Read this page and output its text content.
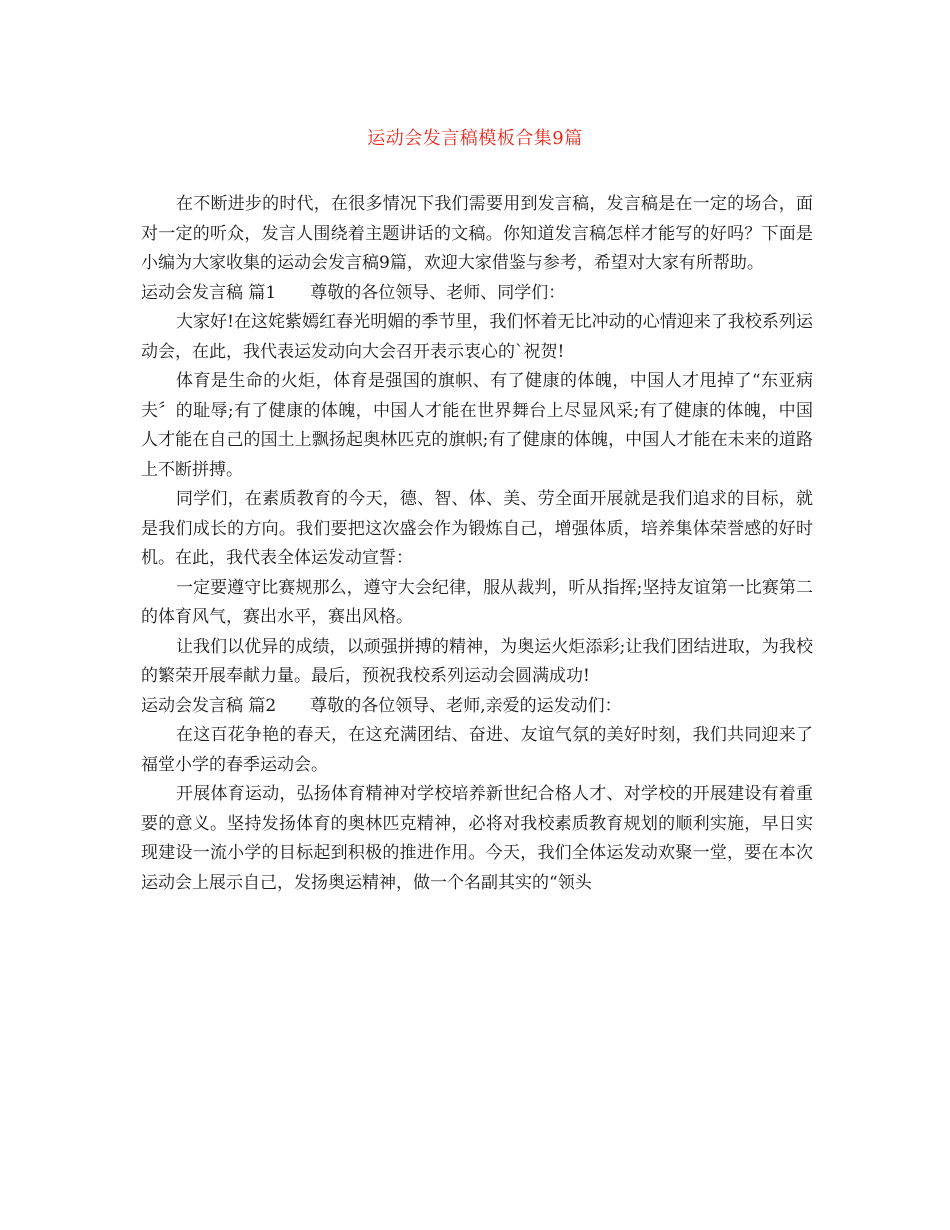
运动会发言稿模板合集9篇

在不断进步的时代，在很多情况下我们需要用到发言稿，发言稿是在一定的场合，面对一定的听众，发言人围绕着主题讲话的文稿。你知道发言稿怎样才能写的好吗？下面是小编为大家收集的运动会发言稿9篇，欢迎大家借鉴与参考，希望对大家有所帮助。

运动会发言稿 篇1 尊敬的各位领导、老师、同学们：

大家好!在这姹紫嫣红春光明媚的季节里，我们怀着无比冲动的心情迎来了我校系列运动会，在此，我代表运发动向大会召开表示衷心的`祝贺!

体育是生命的火炬，体育是强国的旗帜、有了健康的体魄，中国人才甩掉了“东亚病夫〞的耻辱;有了健康的体魄，中国人才能在世界舞台上尽显风采;有了健康的体魄，中国人才能在自己的国土上飘扬起奥林匹克的旗帜;有了健康的体魄，中国人才能在未来的道路上不断拼搏。

同学们，在素质教育的今天，德、智、体、美、劳全面开展就是我们追求的目标，就是我们成长的方向。我们要把这次盛会作为锻炼自己，增强体质，培养集体荣誉感的好时机。在此，我代表全体运发动宣誓：

一定要遵守比赛规那么，遵守大会纪律，服从裁判，听从指挥;坚持友谊第一比赛第二的体育风气，赛出水平，赛出风格。

让我们以优异的成绩，以顽强拼搏的精神，为奥运火炬添彩;让我们团结进取，为我校的繁荣开展奉献力量。最后，预祝我校系列运动会圆满成功!

运动会发言稿 篇2 尊敬的各位领导、老师,亲爱的运发动们：

在这百花争艳的春天，在这充满团结、奋进、友谊气氛的美好时刻，我们共同迎来了福堂小学的春季运动会。

开展体育运动，弘扬体育精神对学校培养新世纪合格人才、对学校的开展建设有着重要的意义。坚持发扬体育的奥林匹克精神，必将对我校素质教育规划的顺利实施，早日实现建设一流小学的目标起到积极的推进作用。今天，我们全体运发动欢聚一堂，要在本次运动会上展示自己，发扬奥运精神，做一个名副其实的“领头
